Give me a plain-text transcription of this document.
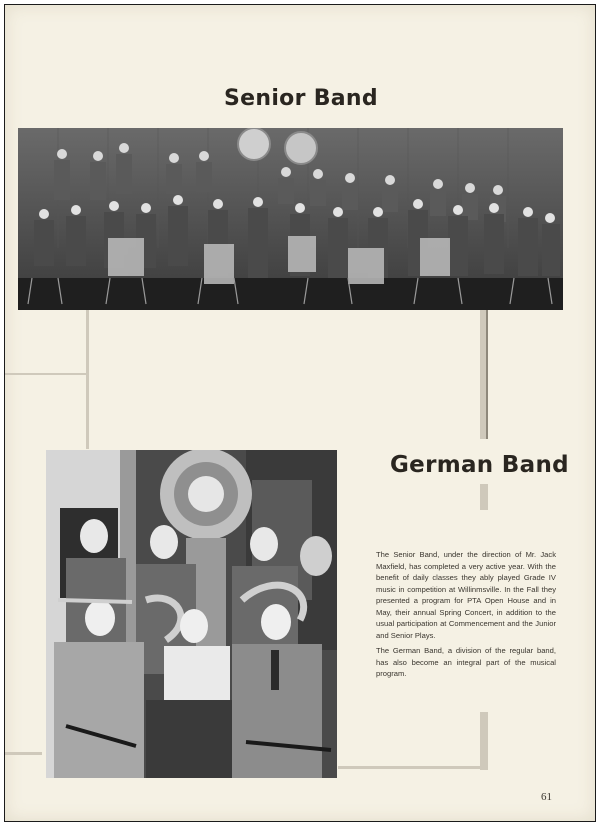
Senior Band
German Band

The Senior Band, under the direction of Mr. Jack Maxfield, has completed a very active year. With the benefit of daily classes they ably played Grade IV music in competition at Willinmsville. In the Fall they presented a program for PTA Open House and in May, their annual Spring Concert, in addition to the usual participation at Commencement and the Junior and Senior Plays.

The German Band, a division of the regular band, has also become an integral part of the musical program.

61
